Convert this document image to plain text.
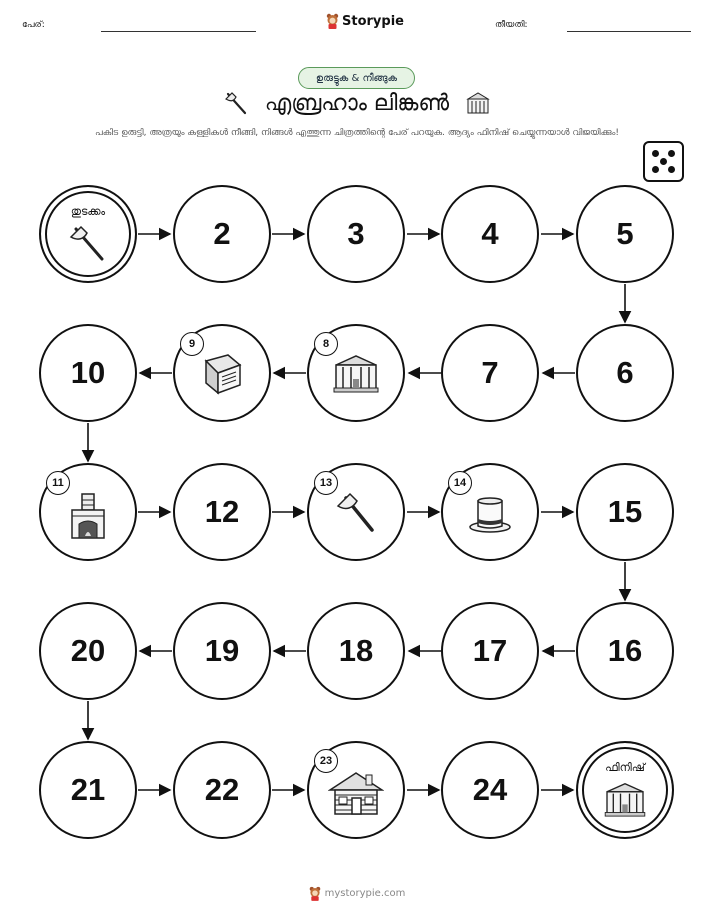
പേര്:	Storypie	തീയതി:
ഉരുട്ടുക & നീങ്ങുക
എബ്രഹാം ലിങ്കൺ
പകിട ഉരുട്ടി, അത്രയും കള്ളികൾ നീങ്ങി, നിങ്ങൾ എത്തുന്ന ചിത്രത്തിന്റെ പേര് പറയുക. ആദ്യം ഫിനിഷ് ചെയ്യുന്നയാൾ വിജയിക്കും!
തുടക്കം
2	3	4	5
10
9	8
7	6
11
12
13	14
15
20	19	18	17	16
21	22
23
24
ഫിനിഷ്
mystorypie.com
